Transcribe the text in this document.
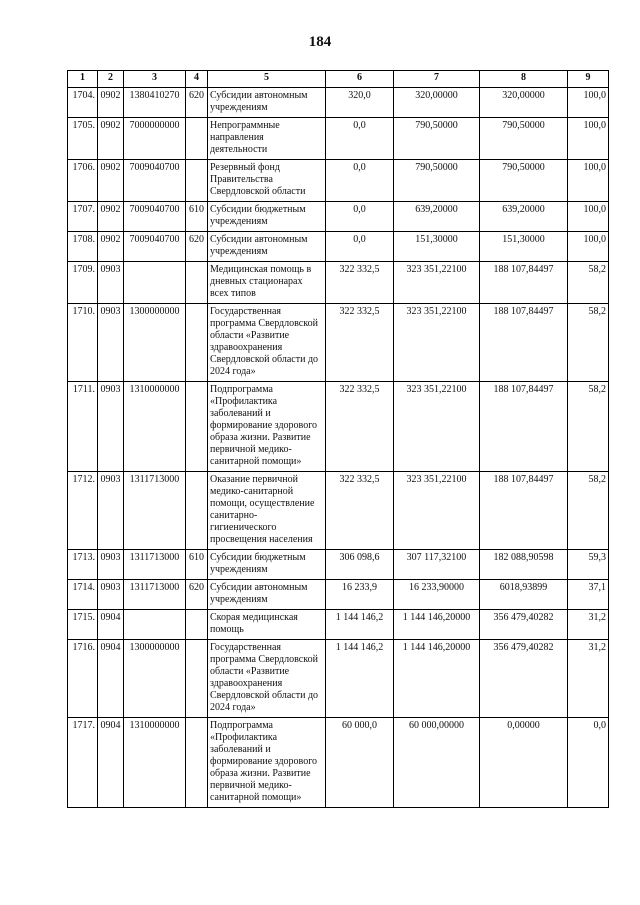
184
1	2	3	4	5	6	7	8	9
1704.	0902	1380410270	620	Субсидии автономным учреждениям	320,0	320,00000	320,00000	100,0
1705.	0902	7000000000		Непрограммные направления деятельности	0,0	790,50000	790,50000	100,0
1706.	0902	7009040700		Резервный фонд Правительства Свердловской области	0,0	790,50000	790,50000	100,0
1707.	0902	7009040700	610	Субсидии бюджетным учреждениям	0,0	639,20000	639,20000	100,0
1708.	0902	7009040700	620	Субсидии автономным учреждениям	0,0	151,30000	151,30000	100,0
1709.	0903			Медицинская помощь в дневных стационарах всех типов	322 332,5	323 351,22100	188 107,84497	58,2
1710.	0903	1300000000		Государственная программа Свердловской области «Развитие здравоохранения Свердловской области до 2024 года»	322 332,5	323 351,22100	188 107,84497	58,2
1711.	0903	1310000000		Подпрограмма «Профилактика заболеваний и формирование здорового образа жизни. Развитие первичной медико-санитарной помощи»	322 332,5	323 351,22100	188 107,84497	58,2
1712.	0903	1311713000		Оказание первичной медико-санитарной помощи, осуществление санитарно-гигиенического просвещения населения	322 332,5	323 351,22100	188 107,84497	58,2
1713.	0903	1311713000	610	Субсидии бюджетным учреждениям	306 098,6	307 117,32100	182 088,90598	59,3
1714.	0903	1311713000	620	Субсидии автономным учреждениям	16 233,9	16 233,90000	6018,93899	37,1
1715.	0904			Скорая медицинская помощь	1 144 146,2	1 144 146,20000	356 479,40282	31,2
1716.	0904	1300000000		Государственная программа Свердловской области «Развитие здравоохранения Свердловской области до 2024 года»	1 144 146,2	1 144 146,20000	356 479,40282	31,2
1717.	0904	1310000000		Подпрограмма «Профилактика заболеваний и формирование здорового образа жизни. Развитие первичной медико-санитарной помощи»	60 000,0	60 000,00000	0,00000	0,0
